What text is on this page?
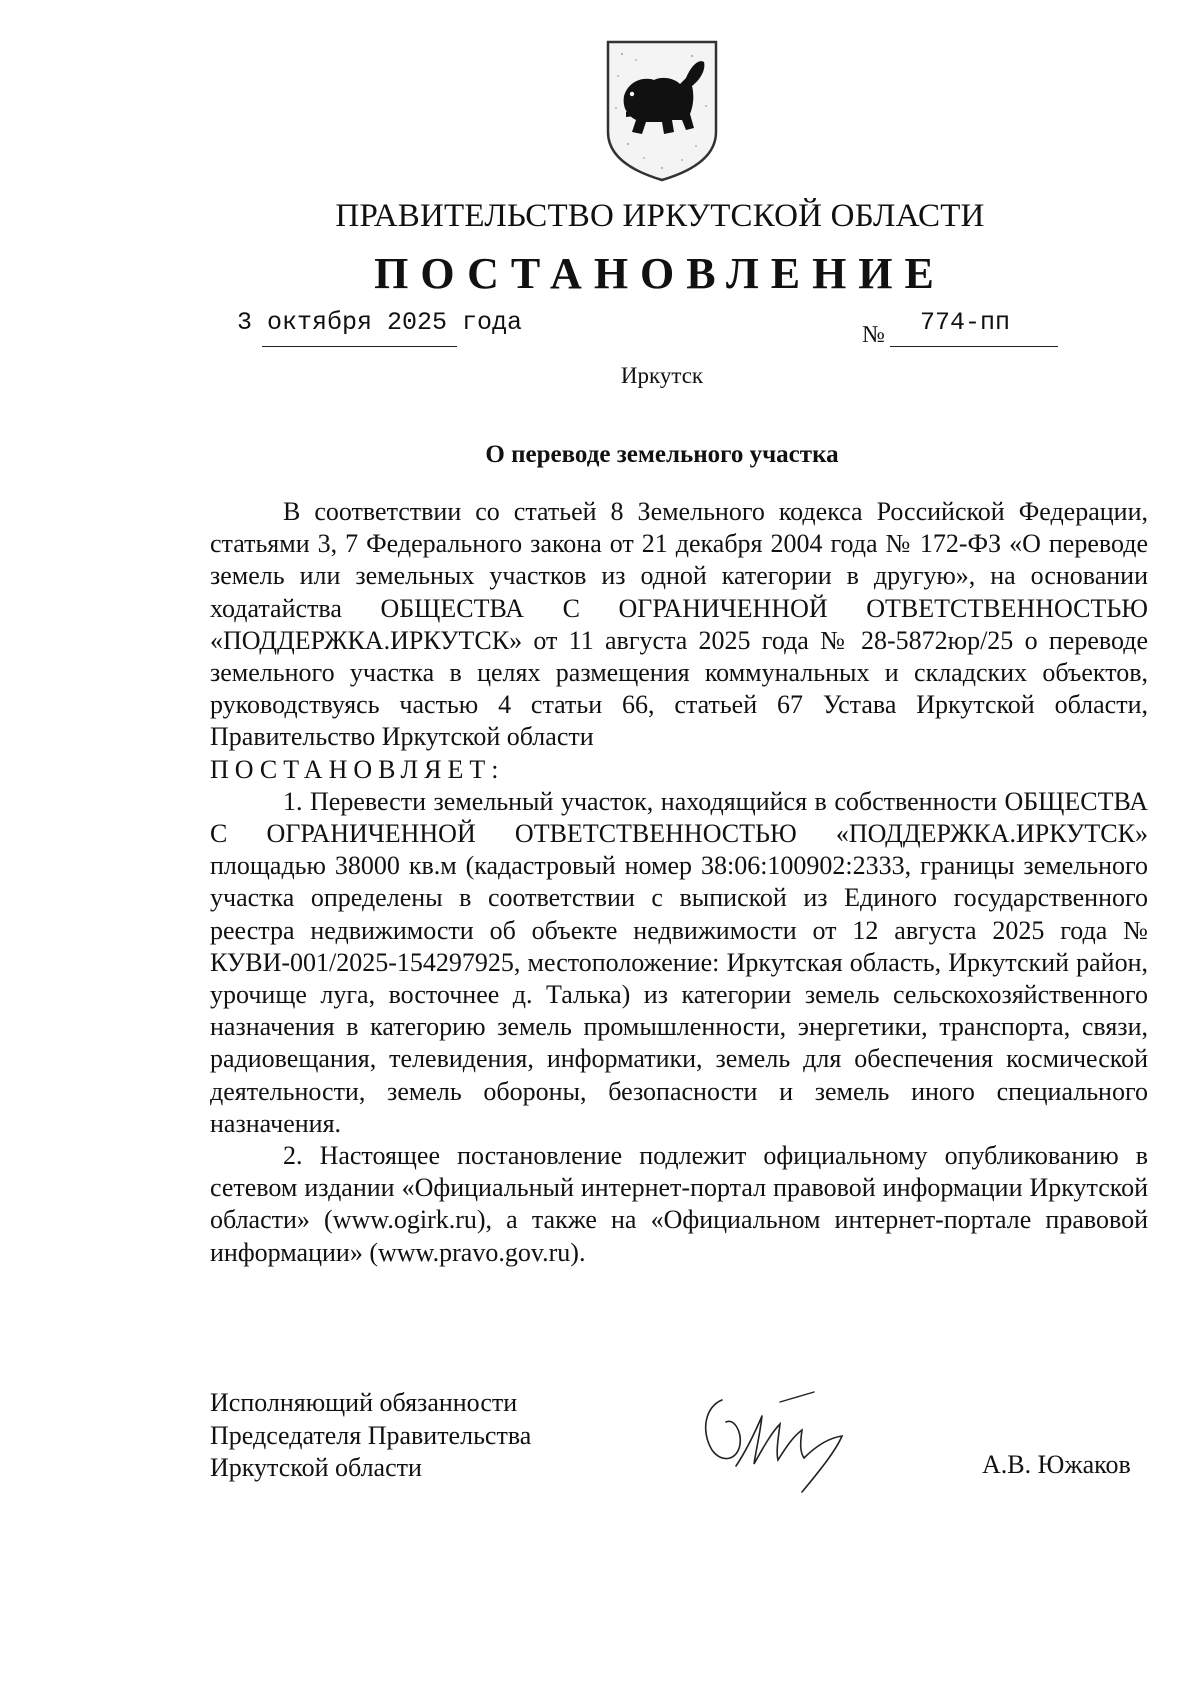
ПРАВИТЕЛЬСТВО ИРКУТСКОЙ ОБЛАСТИ
ПОСТАНОВЛЕНИЕ
3 октября 2025 года	№ 774-пп
Иркутск
О переводе земельного участка

В соответствии со статьей 8 Земельного кодекса Российской Федерации, статьями 3, 7 Федерального закона от 21 декабря 2004 года № 172-ФЗ «О переводе земель или земельных участков из одной категории в другую», на основании ходатайства ОБЩЕСТВА С ОГРАНИЧЕННОЙ ОТВЕТСТВЕННОСТЬЮ «ПОДДЕРЖКА.ИРКУТСК» от 11 августа 2025 года № 28-5872юр/25 о переводе земельного участка в целях размещения коммунальных и складских объектов, руководствуясь частью 4 статьи 66, статьей 67 Устава Иркутской области, Правительство Иркутской области

ПОСТАНОВЛЯЕТ:

1. Перевести земельный участок, находящийся в собственности ОБЩЕСТВА С ОГРАНИЧЕННОЙ ОТВЕТСТВЕННОСТЬЮ «ПОДДЕРЖКА.ИРКУТСК» площадью 38000 кв.м (кадастровый номер 38:06:100902:2333, границы земельного участка определены в соответствии с выпиской из Единого государственного реестра недвижимости об объекте недвижимости от 12 августа 2025 года № КУВИ-001/2025-154297925, местоположение: Иркутская область, Иркутский район, урочище луга, восточнее д. Талька) из категории земель сельскохозяйственного назначения в категорию земель промышленности, энергетики, транспорта, связи, радиовещания, телевидения, информатики, земель для обеспечения космической деятельности, земель обороны, безопасности и земель иного специального назначения.

2. Настоящее постановление подлежит официальному опубликованию в сетевом издании «Официальный интернет-портал правовой информации Иркутской области» (www.ogirk.ru), а также на «Официальном интернет-портале правовой информации» (www.pravo.gov.ru).

Исполняющий обязанности
Председателя Правительства
Иркутской области	А.В. Южаков
